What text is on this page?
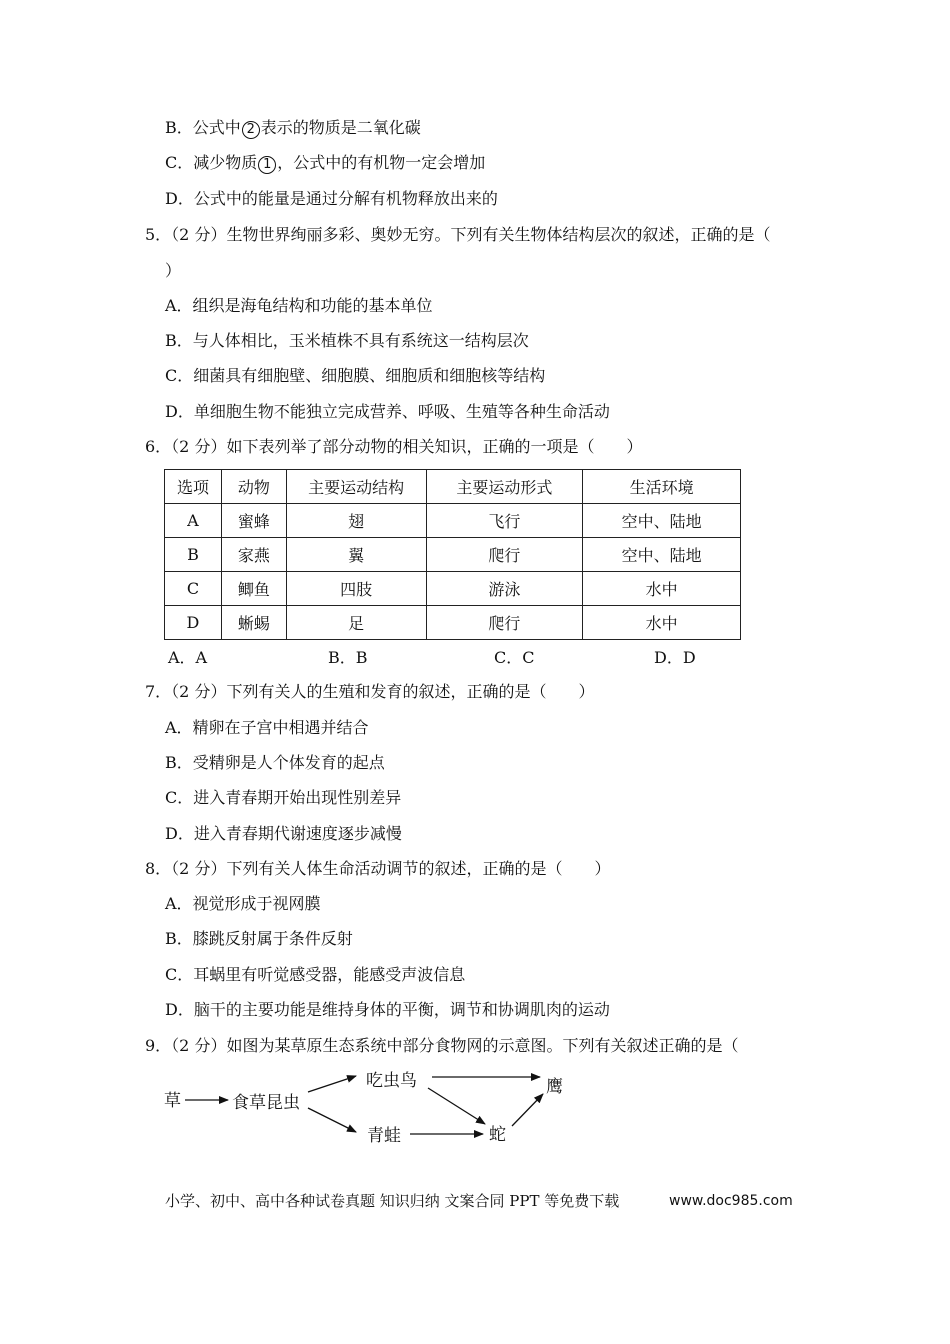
B．公式中 2 表示的物质是二氧化碳
C．减少物质 1 ，公式中的有机物一定会增加
D．公式中的能量是通过分解有机物释放出来的
5．（2 分）生物世界绚丽多彩、奥妙无穷。下列有关生物体结构层次的叙述，正确的是（
）
A．组织是海龟结构和功能的基本单位
B．与人体相比，玉米植株不具有系统这一结构层次
C．细菌具有细胞壁、细胞膜、细胞质和细胞核等结构
D．单细胞生物不能独立完成营养、呼吸、生殖等各种生命活动
6．（2 分）如下表列举了部分动物的相关知识，正确的一项是（　　）
选项	动物	主要运动结构	主要运动形式	生活环境
A	蜜蜂	翅	飞行	空中、陆地
B	家燕	翼	爬行	空中、陆地
C	鲫鱼	四肢	游泳	水中
D	蜥蜴	足	爬行	水中
A．A	B．B	C．C	D．D
7．（2 分）下列有关人的生殖和发育的叙述，正确的是（　　）
A．精卵在子宫中相遇并结合
B．受精卵是人个体发育的起点
C．进入青春期开始出现性别差异
D．进入青春期代谢速度逐步减慢
8．（2 分）下列有关人体生命活动调节的叙述，正确的是（　　）
A．视觉形成于视网膜
B．膝跳反射属于条件反射
C．耳蜗里有听觉感受器，能感受声波信息
D．脑干的主要功能是维持身体的平衡，调节和协调肌肉的运动
9．（2 分）如图为某草原生态系统中部分食物网的示意图。下列有关叙述正确的是（
草	食草昆虫
吃虫鸟
青蛙	蛇
鹰
小学、初中、高中各种试卷真题 知识归纳 文案合同 PPT 等免费下载	www.doc985.com
